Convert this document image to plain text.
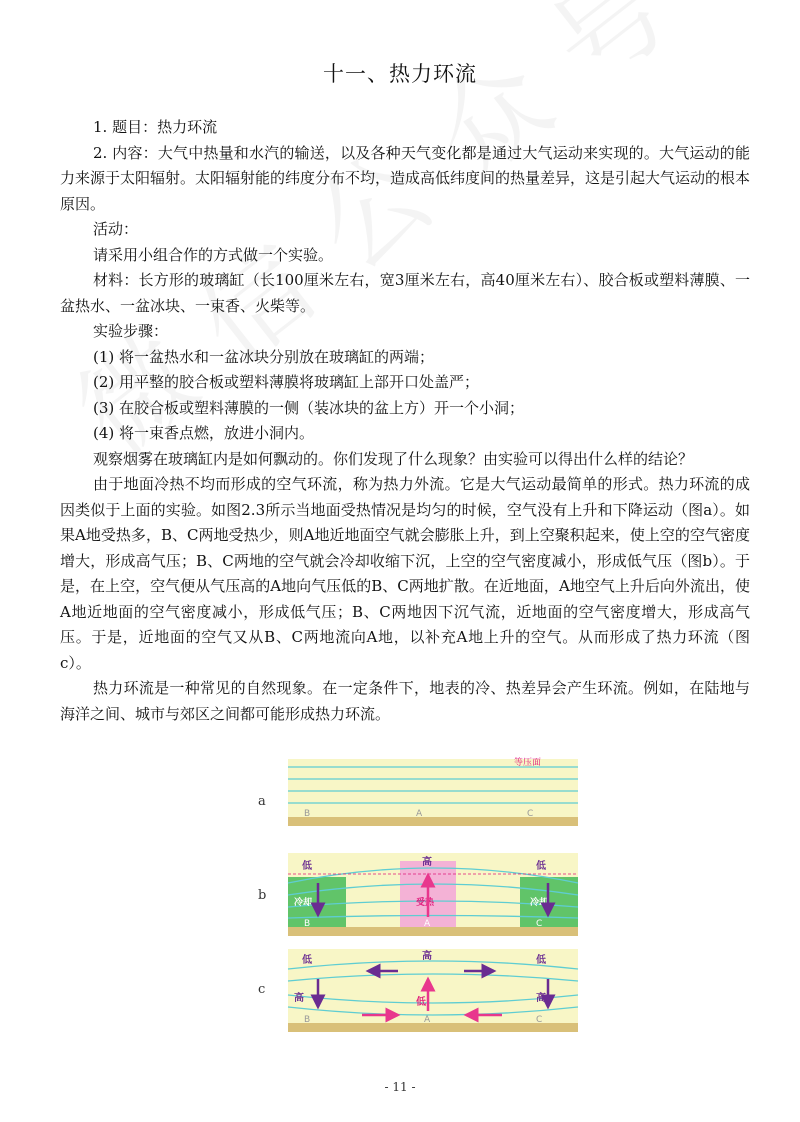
十一、热力环流

1. 题目：热力环流

2. 内容：大气中热量和水汽的输送，以及各种天气变化都是通过大气运动来实现的。大气运动的能力来源于太阳辐射。太阳辐射能的纬度分布不均，造成高低纬度间的热量差异，这是引起大气运动的根本原因。

活动：

请采用小组合作的方式做一个实验。

材料：长方形的玻璃缸（长100厘米左右，宽3厘米左右，高40厘米左右）、胶合板或塑料薄膜、一盆热水、一盆冰块、一束香、火柴等。

实验步骤：

(1) 将一盆热水和一盆冰块分别放在玻璃缸的两端；

(2) 用平整的胶合板或塑料薄膜将玻璃缸上部开口处盖严；

(3) 在胶合板或塑料薄膜的一侧（装冰块的盆上方）开一个小洞；

(4) 将一束香点燃，放进小洞内。

观察烟雾在玻璃缸内是如何飘动的。你们发现了什么现象？由实验可以得出什么样的结论？

由于地面冷热不均而形成的空气环流，称为热力外流。它是大气运动最简单的形式。热力环流的成因类似于上面的实验。如图2.3所示当地面受热情况是均匀的时候，空气没有上升和下降运动（图a）。如果A地受热多，B、C两地受热少，则A地近地面空气就会膨胀上升，到上空聚积起来，使上空的空气密度增大，形成高气压；B、C两地的空气就会冷却收缩下沉，上空的空气密度减小，形成低气压（图b）。于是，在上空，空气便从气压高的A地向气压低的B、C两地扩散。在近地面，A地空气上升后向外流出，使A地近地面的空气密度减小，形成低气压；B、C两地因下沉气流，近地面的空气密度增大，形成高气压。于是，近地面的空气又从B、C两地流向A地，以补充A地上升的空气。从而形成了热力环流（图c）。

热力环流是一种常见的自然现象。在一定条件下，地表的冷、热差异会产生环流。例如，在陆地与海洋之间、城市与郊区之间都可能形成热力环流。

a
等压面
B	A	C
b
低	高	低
冷却	受热	冷却
B	A	C
c
低	高	低
高	低	高
B	A	C
- 11 -
